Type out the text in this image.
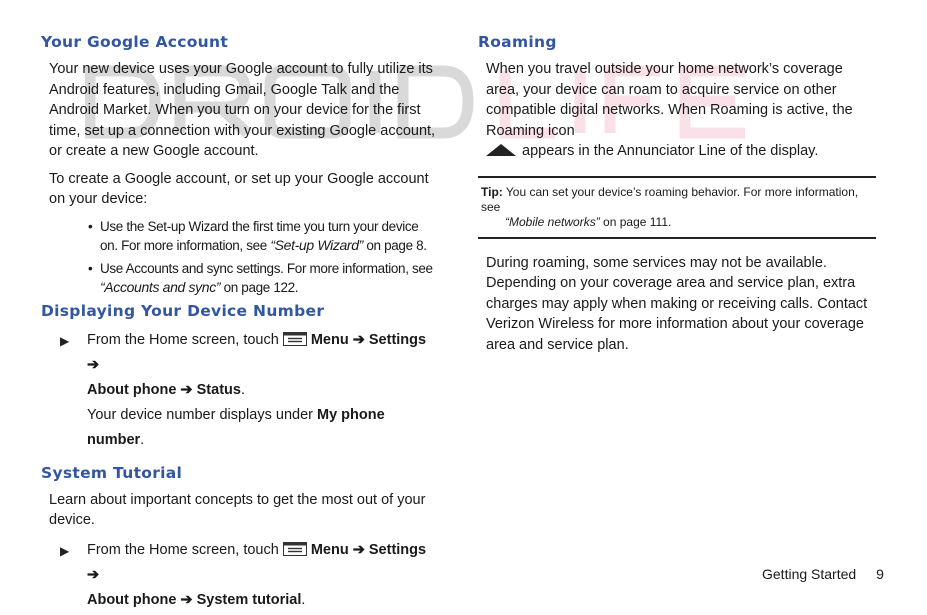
Your Google Account

Your new device uses your Google account to fully utilize its Android features, including Gmail, Google Talk and the Android Market. When you turn on your device for the first time, set up a connection with your existing Google account, or create a new Google account.

To create a Google account, or set up your Google account on your device:

• Use the Set-up Wizard the first time you turn your device on. For more information, see “Set-up Wizard” on page 8.
• Use Accounts and sync settings. For more information, see “Accounts and sync” on page 122.
Displaying Your Device Number
▶ From the Home screen, touch Menu ➔ Settings ➔
About phone ➔ Status.
Your device number displays under My phone number.
System Tutorial

Learn about important concepts to get the most out of your device.

▶ From the Home screen, touch Menu ➔ Settings ➔
About phone ➔ System tutorial.
Roaming

When you travel outside your home network’s coverage area, your device can roam to acquire service on other compatible digital networks. When Roaming is active, the Roaming icon
appears in the Annunciator Line of the display.

Tip: You can set your device’s roaming behavior. For more information, see
“Mobile networks” on page 111.

During roaming, some services may not be available. Depending on your coverage area and service plan, extra charges may apply when making or receiving calls. Contact Verizon Wireless for more information about your coverage area and service plan.

Getting Started 9
